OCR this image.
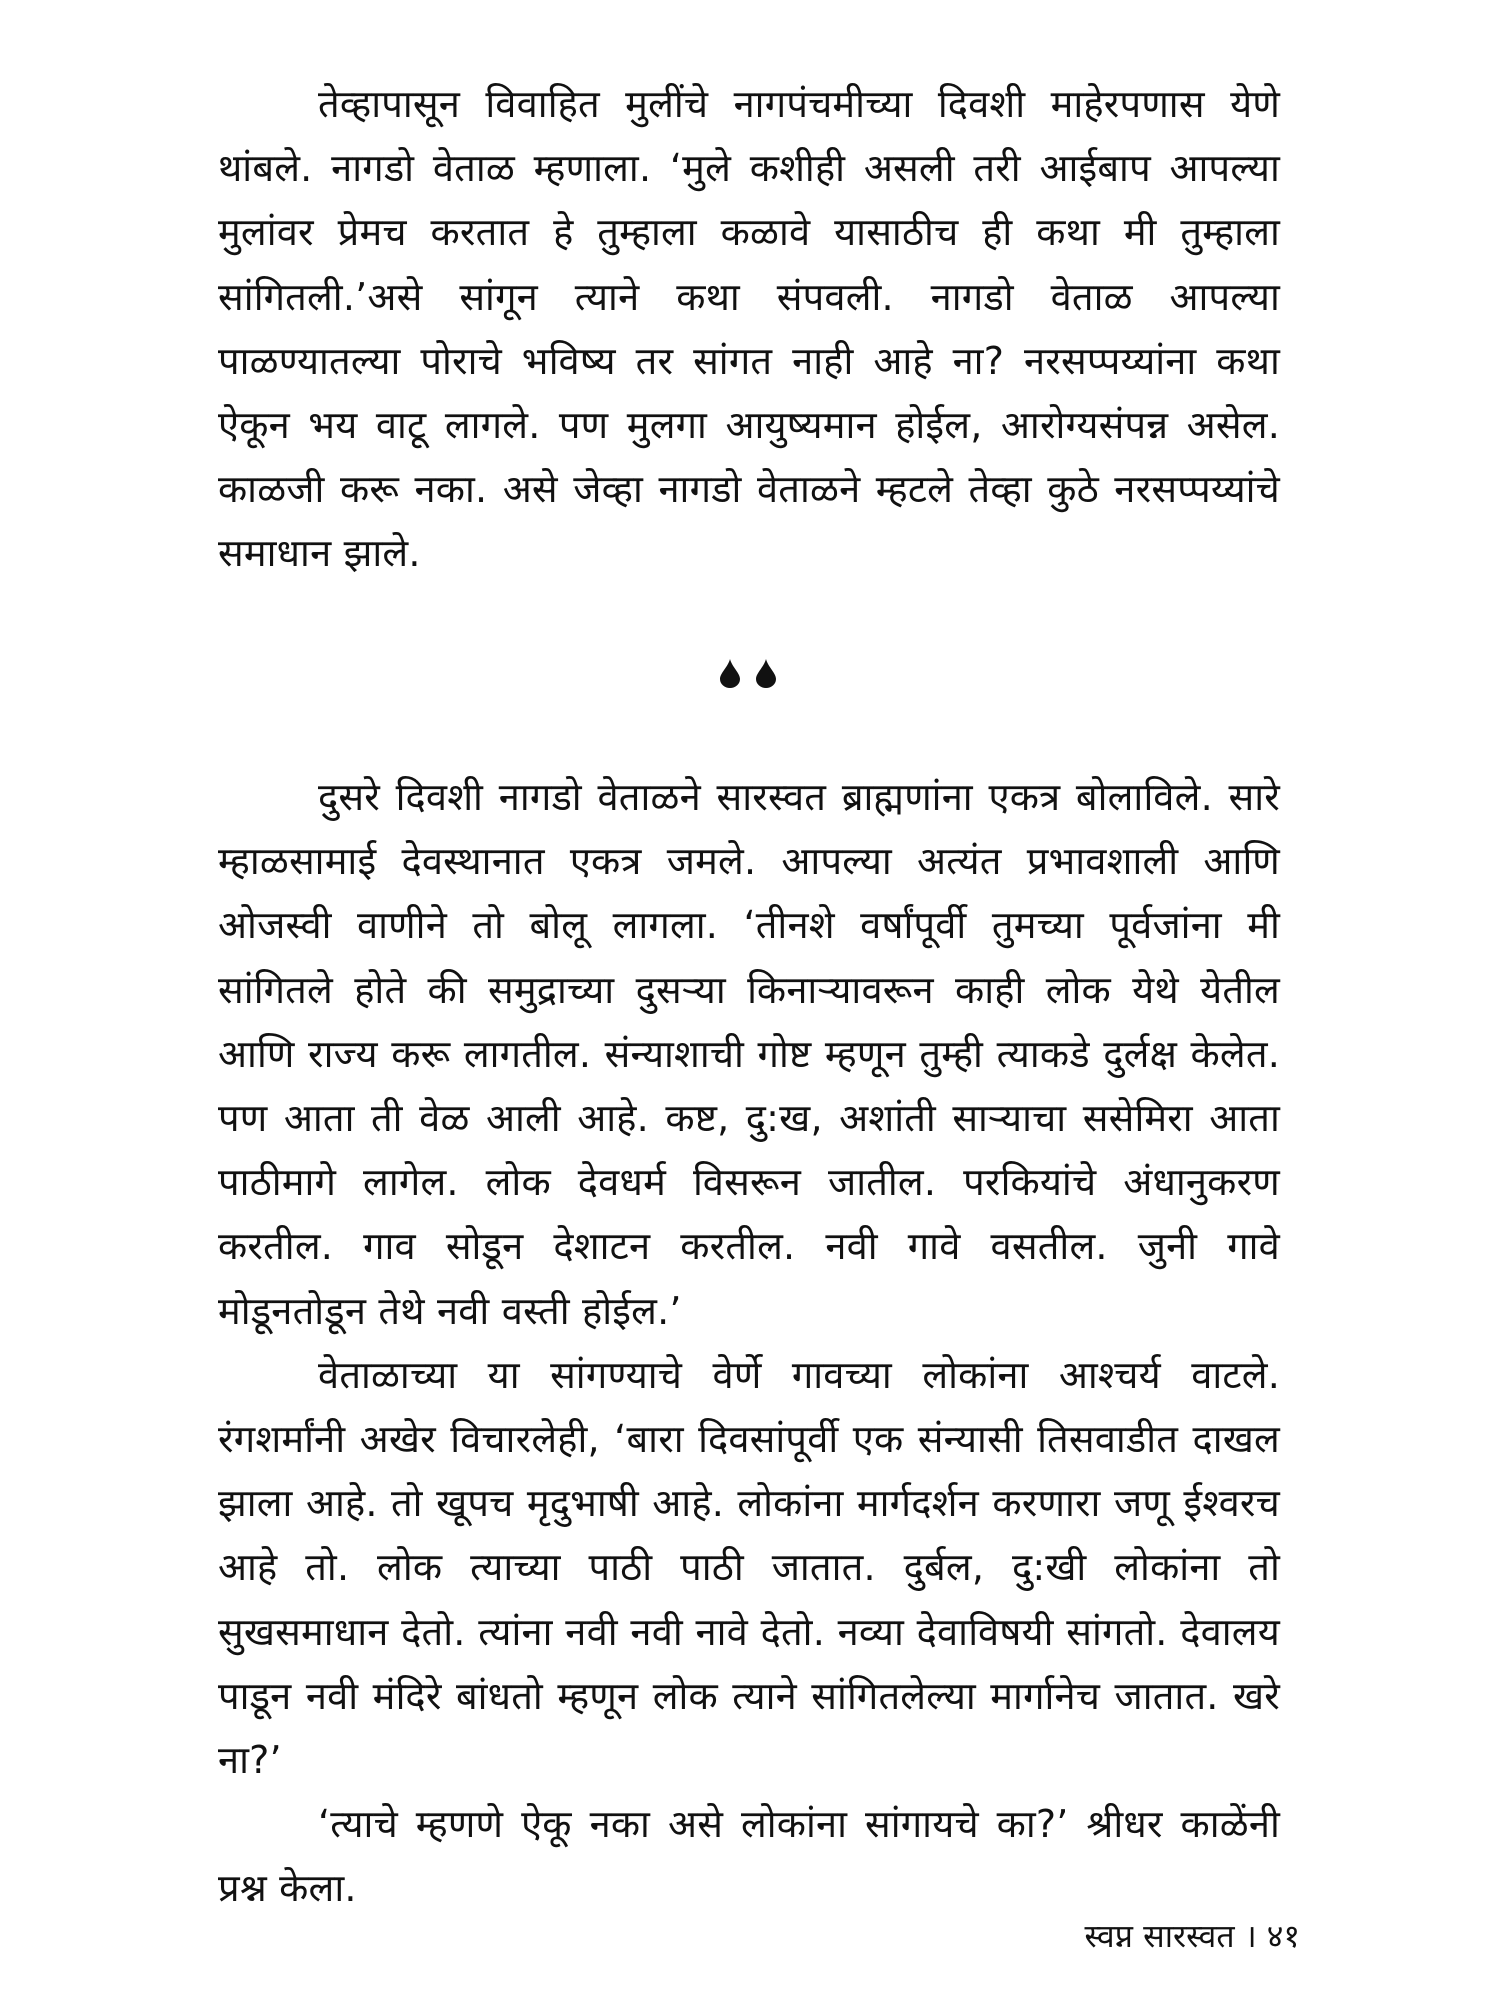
तेव्हापासून विवाहित मुलींचे नागपंचमीच्या दिवशी माहेरपणास येणे थांबले. नागडो वेताळ म्हणाला. ‘मुले कशीही असली तरी आईबाप आपल्या मुलांवर प्रेमच करतात हे तुम्हाला कळावे यासाठीच ही कथा मी तुम्हाला सांगितली.’असे सांगून त्याने कथा संपवली. नागडो वेताळ आपल्या पाळण्यातल्या पोराचे भविष्य तर सांगत नाही आहे ना? नरसप्पय्यांना कथा ऐकून भय वाटू लागले. पण मुलगा आयुष्यमान होईल, आरोग्यसंपन्न असेल. काळजी करू नका. असे जेव्हा नागडो वेताळने म्हटले तेव्हा कुठे नरसप्पय्यांचे समाधान झाले.

दुसरे दिवशी नागडो वेताळने सारस्वत ब्राह्मणांना एकत्र बोलाविले. सारे म्हाळसामाई देवस्थानात एकत्र जमले. आपल्या अत्यंत प्रभावशाली आणि ओजस्वी वाणीने तो बोलू लागला. ‘तीनशे वर्षांपूर्वी तुमच्या पूर्वजांना मी सांगितले होते की समुद्राच्या दुसऱ्या किनाऱ्यावरून काही लोक येथे येतील आणि राज्य करू लागतील. संन्याशाची गोष्ट म्हणून तुम्ही त्याकडे दुर्लक्ष केलेत. पण आता ती वेळ आली आहे. कष्ट, दु:ख, अशांती साऱ्याचा ससेमिरा आता पाठीमागे लागेल. लोक देवधर्म विसरून जातील. परकियांचे अंधानुकरण करतील. गाव सोडून देशाटन करतील. नवी गावे वसतील. जुनी गावे मोडूनतोडून तेथे नवी वस्ती होईल.’

वेताळाच्या या सांगण्याचे वेर्णे गावच्या लोकांना आश्चर्य वाटले. रंगशर्मांनी अखेर विचारलेही, ‘बारा दिवसांपूर्वी एक संन्यासी तिसवाडीत दाखल झाला आहे. तो खूपच मृदुभाषी आहे. लोकांना मार्गदर्शन करणारा जणू ईश्वरच आहे तो. लोक त्याच्या पाठी पाठी जातात. दुर्बल, दु:खी लोकांना तो सुखसमाधान देतो. त्यांना नवी नवी नावे देतो. नव्या देवाविषयी सांगतो. देवालय पाडून नवी मंदिरे बांधतो म्हणून लोक त्याने सांगितलेल्या मार्गानेच जातात. खरे ना?’

‘त्याचे म्हणणे ऐकू नका असे लोकांना सांगायचे का?’ श्रीधर काळेंनी प्रश्न केला.

स्वप्न सारस्वत । ४१
